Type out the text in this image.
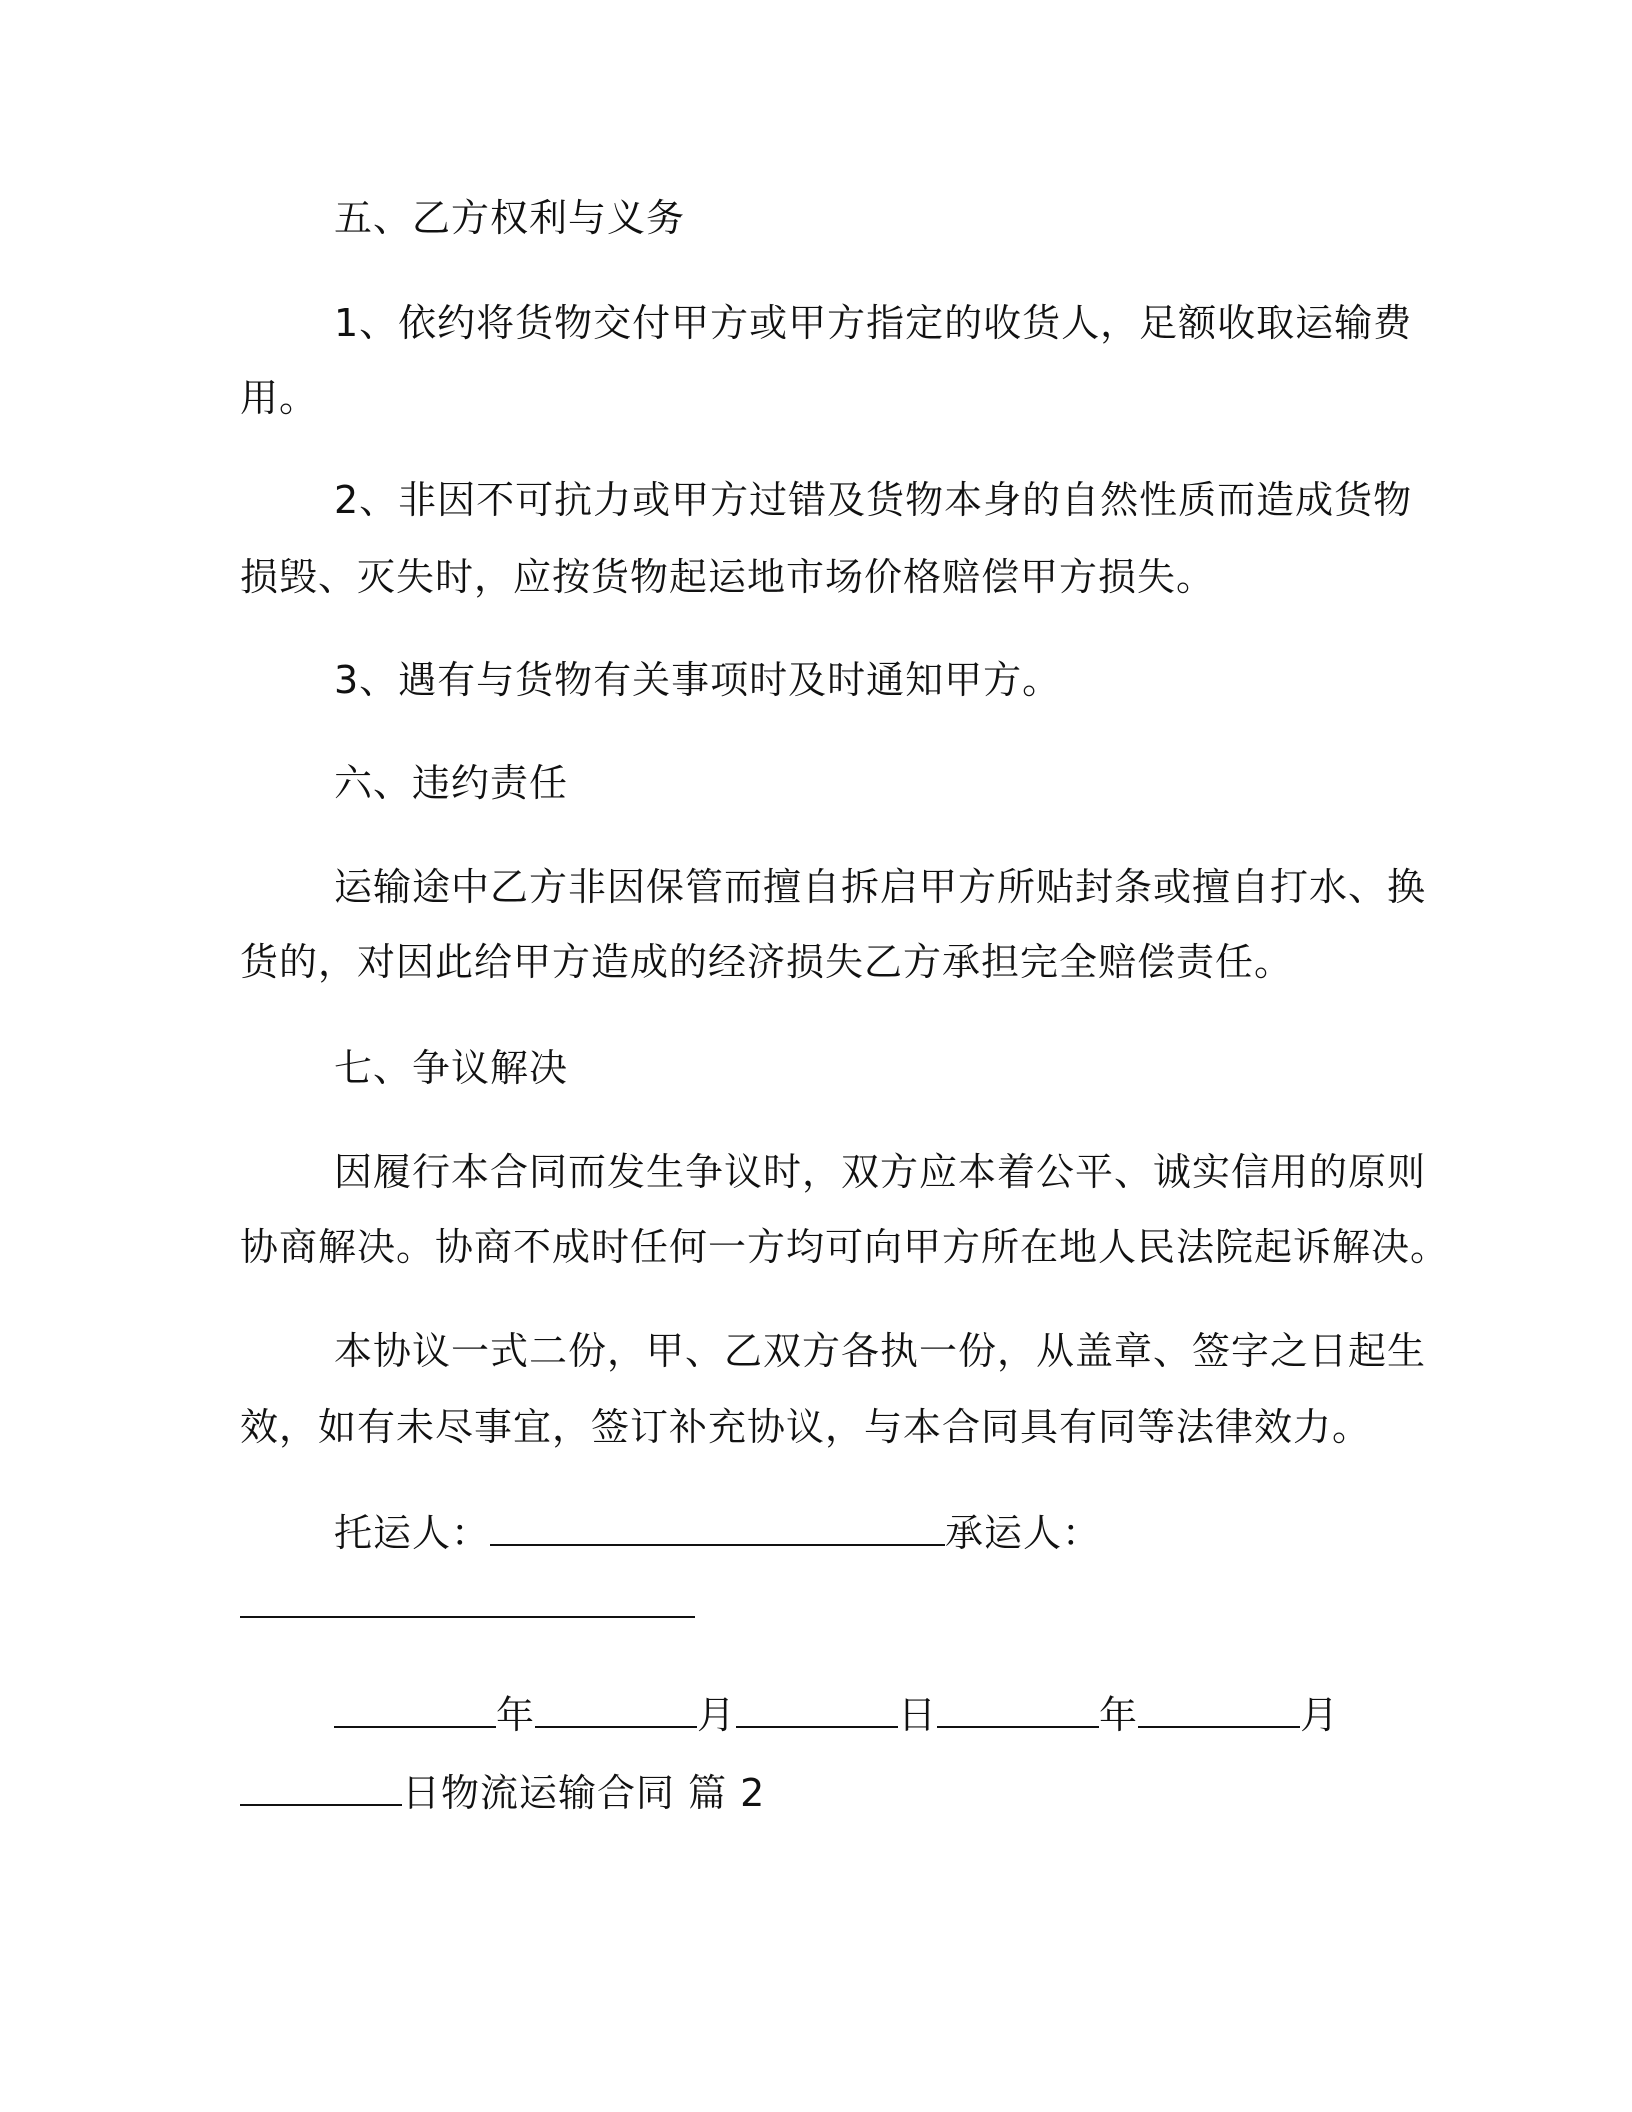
五、乙方权利与义务
1、依约将货物交付甲方或甲方指定的收货人，足额收取运输费
用。
2、非因不可抗力或甲方过错及货物本身的自然性质而造成货物
损毁、灭失时，应按货物起运地市场价格赔偿甲方损失。
3、遇有与货物有关事项时及时通知甲方。
六、违约责任
运输途中乙方非因保管而擅自拆启甲方所贴封条或擅自打水、换
货的，对因此给甲方造成的经济损失乙方承担完全赔偿责任。
七、争议解决
因履行本合同而发生争议时，双方应本着公平、诚实信用的原则
协商解决。协商不成时任何一方均可向甲方所在地人民法院起诉解决。
本协议一式二份，甲、乙双方各执一份，从盖章、签字之日起生
效，如有未尽事宜，签订补充协议，与本合同具有同等法律效力。
托运人：	承运人：
年	月	日	年	月
日物流运输合同 篇 2
